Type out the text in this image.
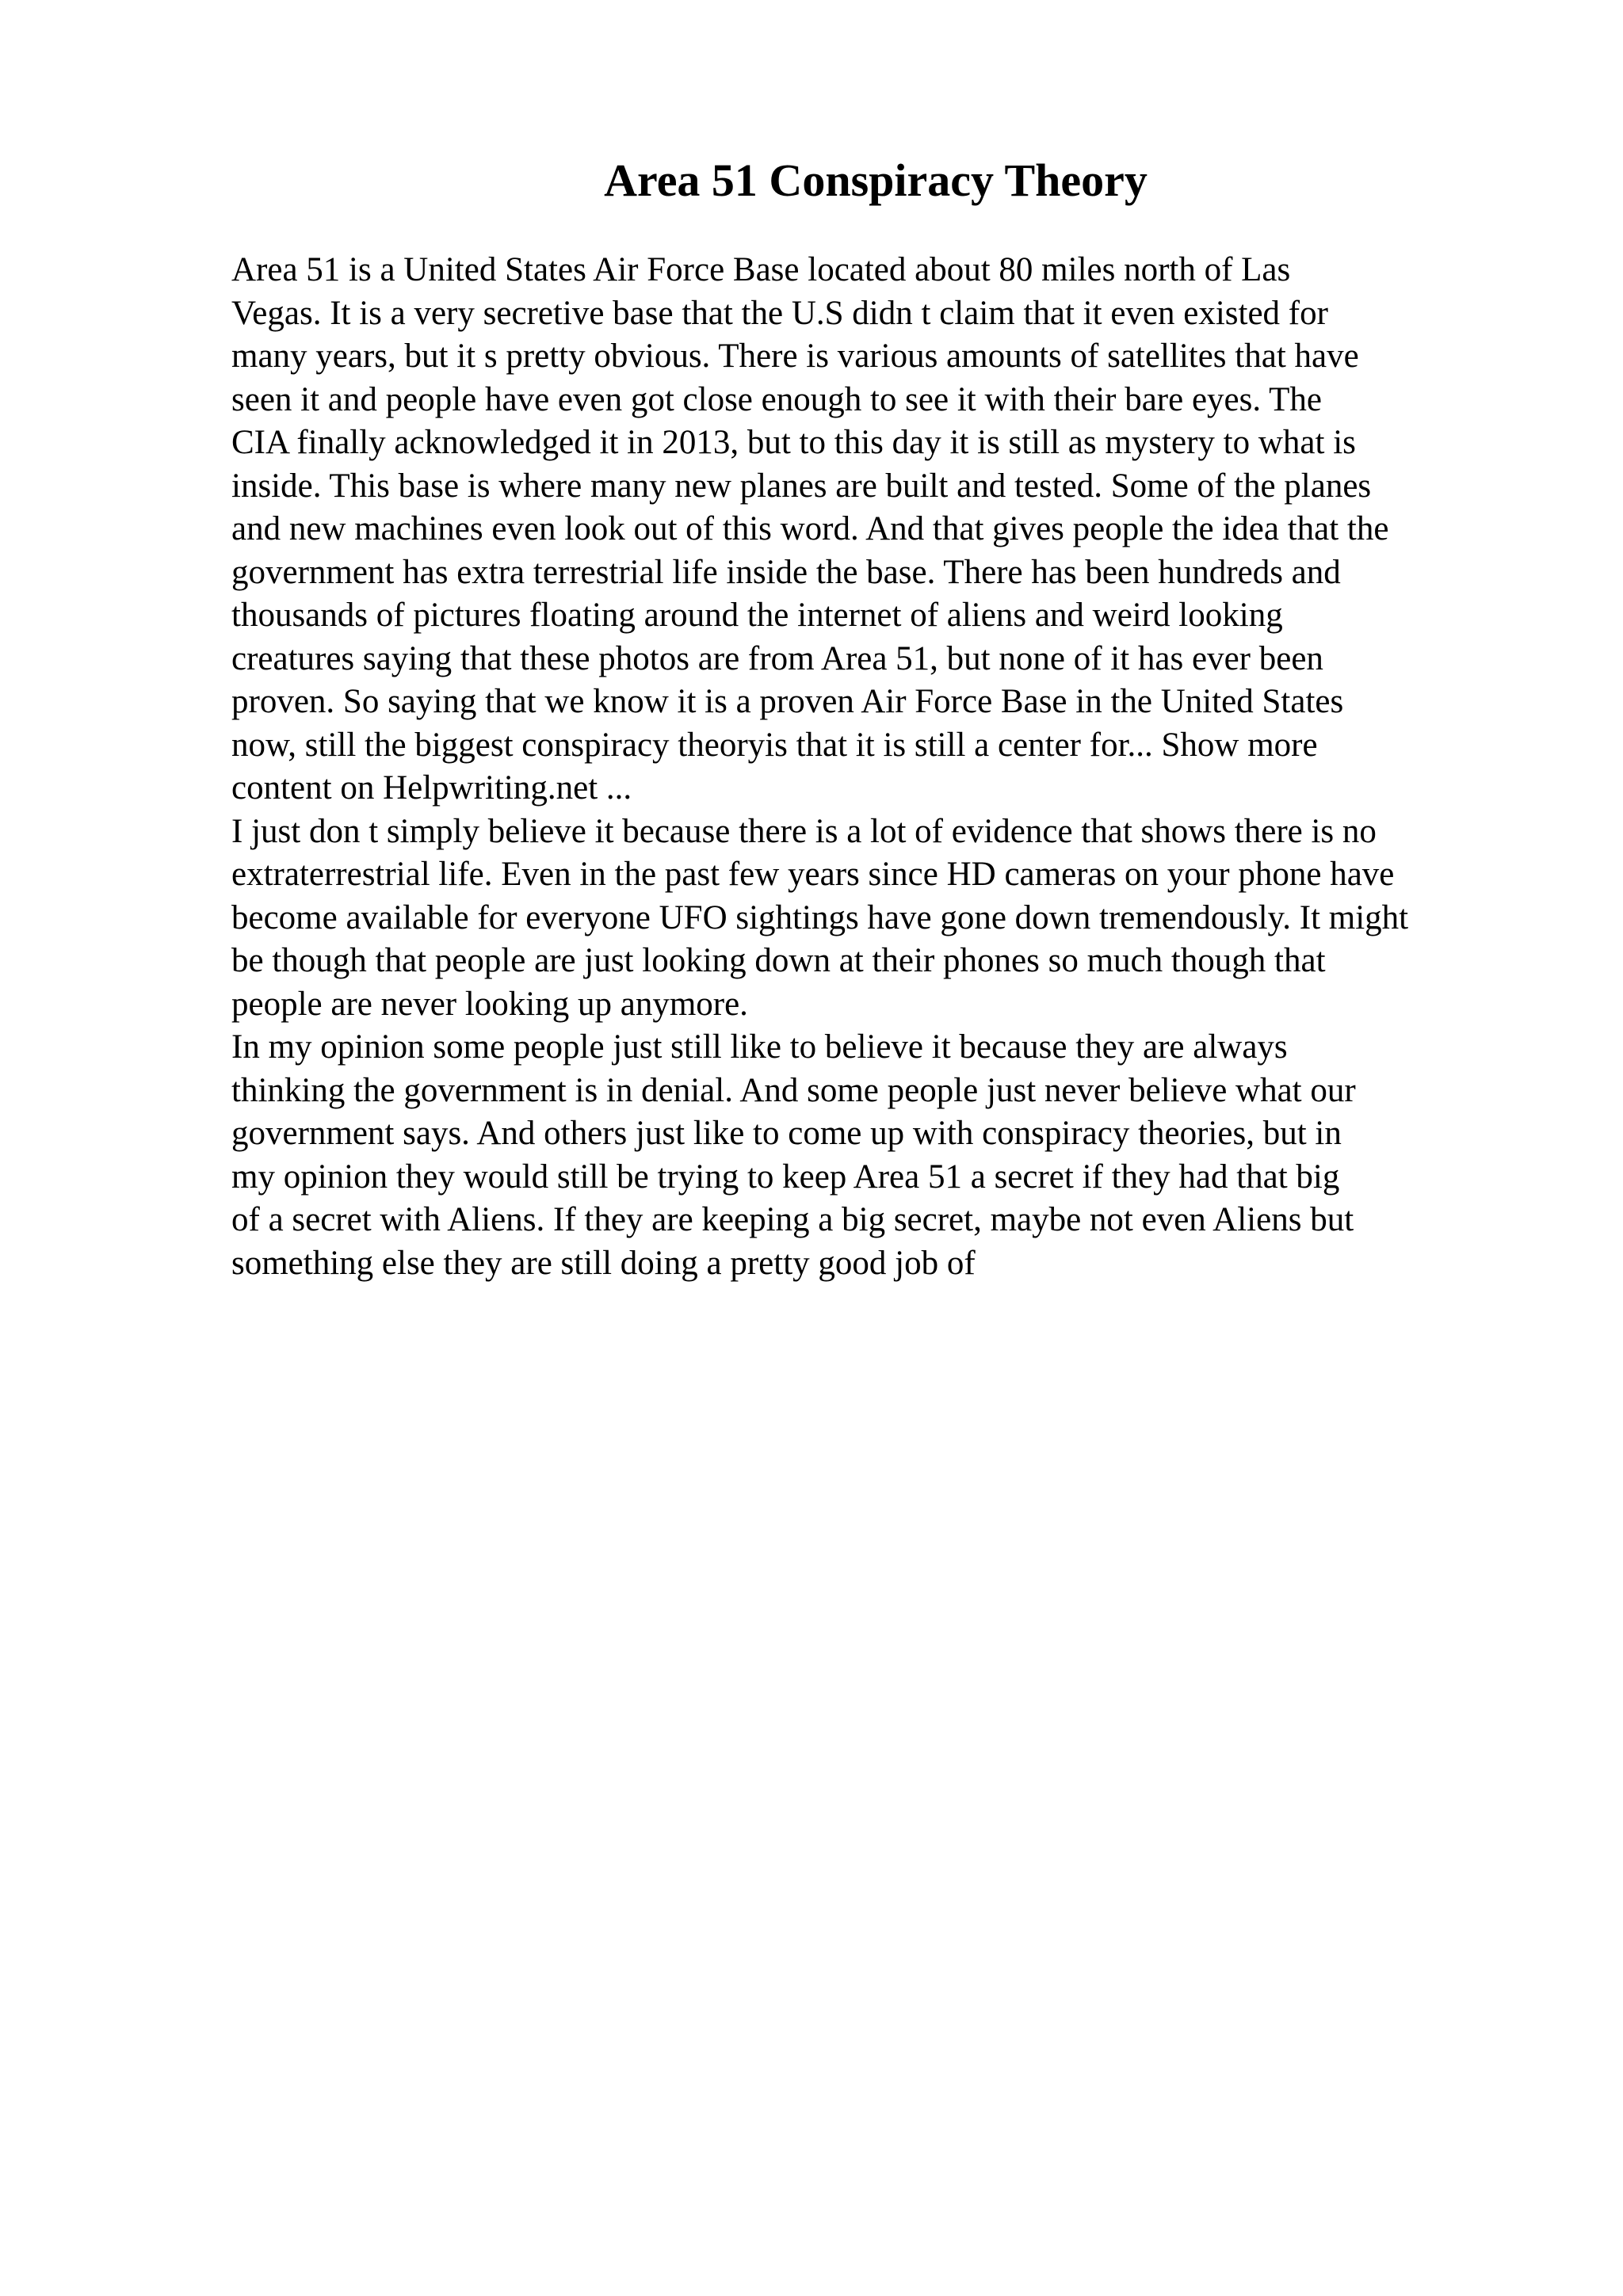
Area 51 Conspiracy Theory

Area 51 is a United States Air Force Base located about 80 miles north of Las
Vegas. It is a very secretive base that the U.S didn t claim that it even existed for
many years, but it s pretty obvious. There is various amounts of satellites that have
seen it and people have even got close enough to see it with their bare eyes. The
CIA finally acknowledged it in 2013, but to this day it is still as mystery to what is
inside. This base is where many new planes are built and tested. Some of the planes
and new machines even look out of this word. And that gives people the idea that the
government has extra terrestrial life inside the base. There has been hundreds and
thousands of pictures floating around the internet of aliens and weird looking
creatures saying that these photos are from Area 51, but none of it has ever been
proven. So saying that we know it is a proven Air Force Base in the United States
now, still the biggest conspiracy theoryis that it is still a center for... Show more
content on Helpwriting.net ...

I just don t simply believe it because there is a lot of evidence that shows there is no
extraterrestrial life. Even in the past few years since HD cameras on your phone have
become available for everyone UFO sightings have gone down tremendously. It might
be though that people are just looking down at their phones so much though that
people are never looking up anymore.

In my opinion some people just still like to believe it because they are always
thinking the government is in denial. And some people just never believe what our
government says. And others just like to come up with conspiracy theories, but in
my opinion they would still be trying to keep Area 51 a secret if they had that big
of a secret with Aliens. If they are keeping a big secret, maybe not even Aliens but
something else they are still doing a pretty good job of
